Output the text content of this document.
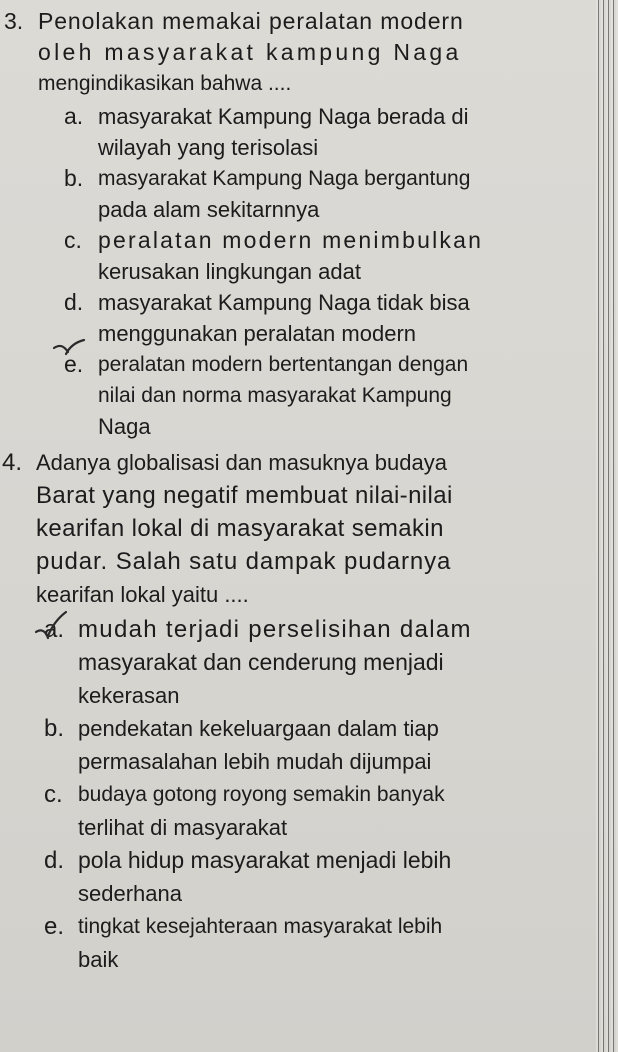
3. Penolakan memakai peralatan modern
oleh masyarakat kampung Naga
mengindikasikan bahwa ....
a. masyarakat Kampung Naga berada di
wilayah yang terisolasi
b. masyarakat Kampung Naga bergantung
pada alam sekitarnnya
c. peralatan modern menimbulkan
kerusakan lingkungan adat
d. masyarakat Kampung Naga tidak bisa
menggunakan peralatan modern
e. peralatan modern bertentangan dengan
nilai dan norma masyarakat Kampung
Naga
4. Adanya globalisasi dan masuknya budaya
Barat yang negatif membuat nilai-nilai
kearifan lokal di masyarakat semakin
pudar. Salah satu dampak pudarnya
kearifan lokal yaitu ....
a. mudah terjadi perselisihan dalam
masyarakat dan cenderung menjadi
kekerasan
b. pendekatan kekeluargaan dalam tiap
permasalahan lebih mudah dijumpai
c. budaya gotong royong semakin banyak
terlihat di masyarakat
d. pola hidup masyarakat menjadi lebih
sederhana
e. tingkat kesejahteraan masyarakat lebih
baik
